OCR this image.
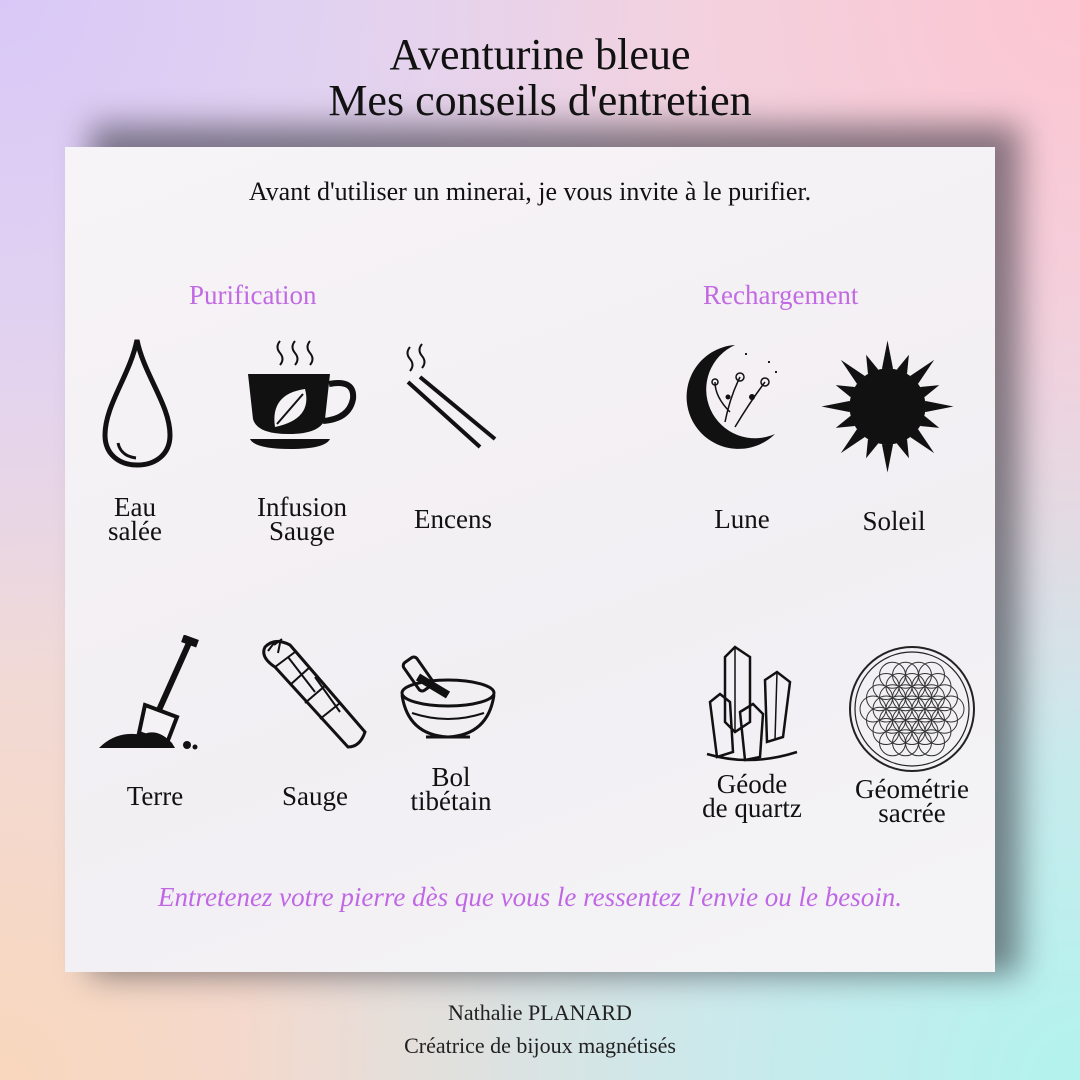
Aventurine bleue
Mes conseils d'entretien
Avant d'utiliser un minerai, je vous invite à le purifier.
Purification	Rechargement
Eau
salée
Infusion
Sauge	Encens
Terre	Sauge
Bol
tibétain
Lune	Soleil
Géode
de quartz
Géométrie
sacrée
Entretenez votre pierre dès que vous le ressentez l'envie ou le besoin.
Nathalie PLANARD
Créatrice de bijoux magnétisés
